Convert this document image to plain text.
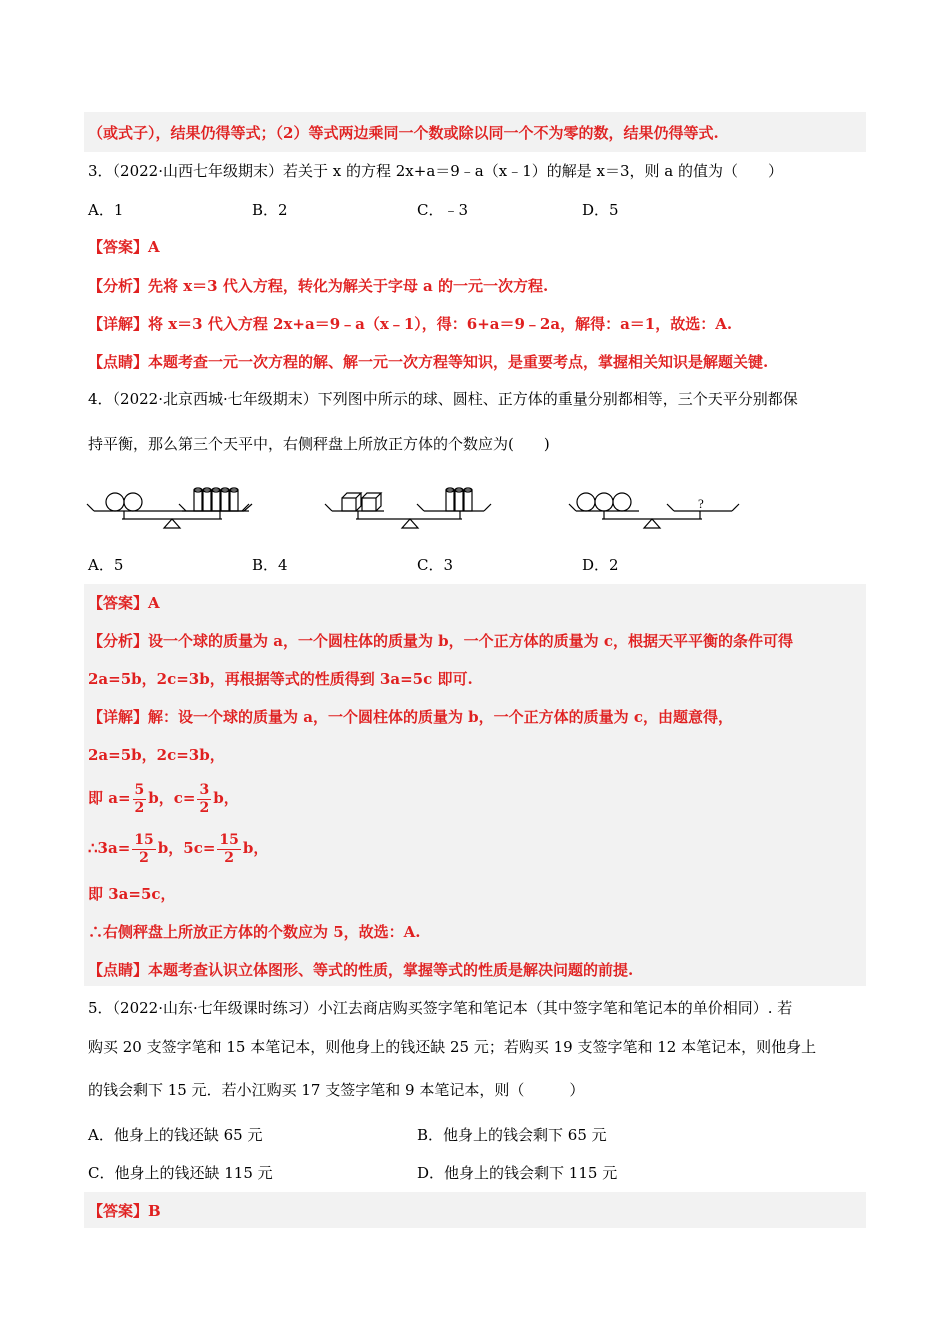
（或式子），结果仍得等式；（2）等式两边乘同一个数或除以同一个不为零的数，结果仍得等式.
3．（2022·山西七年级期末）若关于 x 的方程 2x+a＝9﹣a（x﹣1）的解是 x＝3，则 a 的值为（　　）
A．1	B．2	C．﹣3	D．5
【答案】A
【分析】先将 x＝3 代入方程，转化为解关于字母 a 的一元一次方程.
【详解】将 x＝3 代入方程 2x+a＝9﹣a（x﹣1），得：6+a＝9﹣2a，解得：a＝1，故选：A.
【点睛】本题考查一元一次方程的解、解一元一次方程等知识，是重要考点，掌握相关知识是解题关键.
4．（2022·北京西城·七年级期末）下列图中所示的球、圆柱、正方体的重量分别都相等，三个天平分别都保
持平衡，那么第三个天平中，右侧秤盘上所放正方体的个数应为(　　)
?
A．5	B．4	C．3	D．2
【答案】A
【分析】设一个球的质量为 a，一个圆柱体的质量为 b，一个正方体的质量为 c，根据天平平衡的条件可得
2a=5b，2c=3b，再根据等式的性质得到 3a=5c 即可.
【详解】解：设一个球的质量为 a，一个圆柱体的质量为 b，一个正方体的质量为 c，由题意得，
2a=5b，2c=3b，
即 $a= \frac{5}{2}$ b，$c= \frac{3}{2}$ b，
∴3a= $\frac{15}{2}$ b，$5c= \frac{15}{2}$ b，
即 3a=5c，
∴右侧秤盘上所放正方体的个数应为 5，故选：A.
【点睛】本题考查认识立体图形、等式的性质，掌握等式的性质是解决问题的前提.
5．（2022·山东·七年级课时练习）小江去商店购买签字笔和笔记本（其中签字笔和笔记本的单价相同）. 若
购买 20 支签字笔和 15 本笔记本，则他身上的钱还缺 25 元；若购买 19 支签字笔和 12 本笔记本，则他身上
的钱会剩下 15 元．若小江购买 17 支签字笔和 9 本笔记本，则（　　　）
A．他身上的钱还缺 65 元	B．他身上的钱会剩下 65 元
C．他身上的钱还缺 115 元	D．他身上的钱会剩下 115 元
【答案】B
